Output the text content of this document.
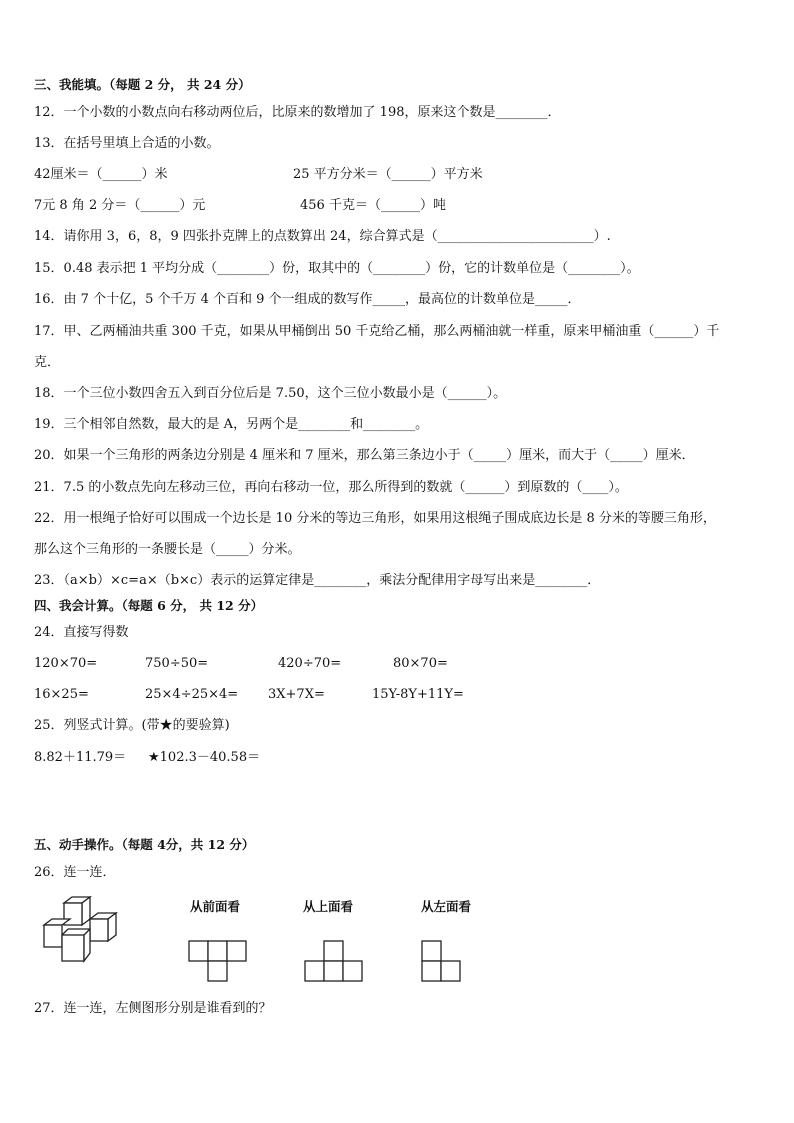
三、我能填。（每题 2 分， 共 24 分）
12．一个小数的小数点向右移动两位后，比原来的数增加了 198，原来这个数是________．
13．在括号里填上合适的小数。
42厘米＝（______）米	25 平方分米＝（______）平方米
7元 8 角 2 分＝（______）元	456 千克＝（______）吨
14．请你用 3，6，8，9 四张扑克牌上的点数算出 24，综合算式是（________________________）.
15．0.48 表示把 1 平均分成（________）份，取其中的（________）份，它的计数单位是（________）。
16．由 7 个十亿，5 个千万 4 个百和 9 个一组成的数写作_____，最高位的计数单位是_____．
17．甲、乙两桶油共重 300 千克，如果从甲桶倒出 50 千克给乙桶，那么两桶油就一样重，原来甲桶油重（______）千
克．
18．一个三位小数四舍五入到百分位后是 7.50，这个三位小数最小是（______）。
19．三个相邻自然数，最大的是 A，另两个是________和________。
20．如果一个三角形的两条边分别是 4 厘米和 7 厘米，那么第三条边小于（_____）厘米，而大于（_____）厘米．
21．7.5 的小数点先向左移动三位，再向右移动一位，那么所得到的数就（______）到原数的（____）。
22．用一根绳子恰好可以围成一个边长是 10 分米的等边三角形，如果用这根绳子围成底边长是 8 分米的等腰三角形，
那么这个三角形的一条腰长是（_____）分米。
23．（a×b）×c=a×（b×c）表示的运算定律是________，乘法分配律用字母写出来是________．
四、我会计算。（每题 6 分， 共 12 分）
24．直接写得数
120×70=	750÷50=	420÷70=	80×70=
16×25=	25×4÷25×4= 3X+7X=	15Y-8Y+11Y=
25．列竖式计算。(带★的要验算)
8.82＋11.79＝ ★102.3－40.58＝
五、动手操作。（每题 4分，共 12 分）
26．连一连．
从前面看	从上面看	从左面看
27．连一连，左侧图形分别是谁看到的？
